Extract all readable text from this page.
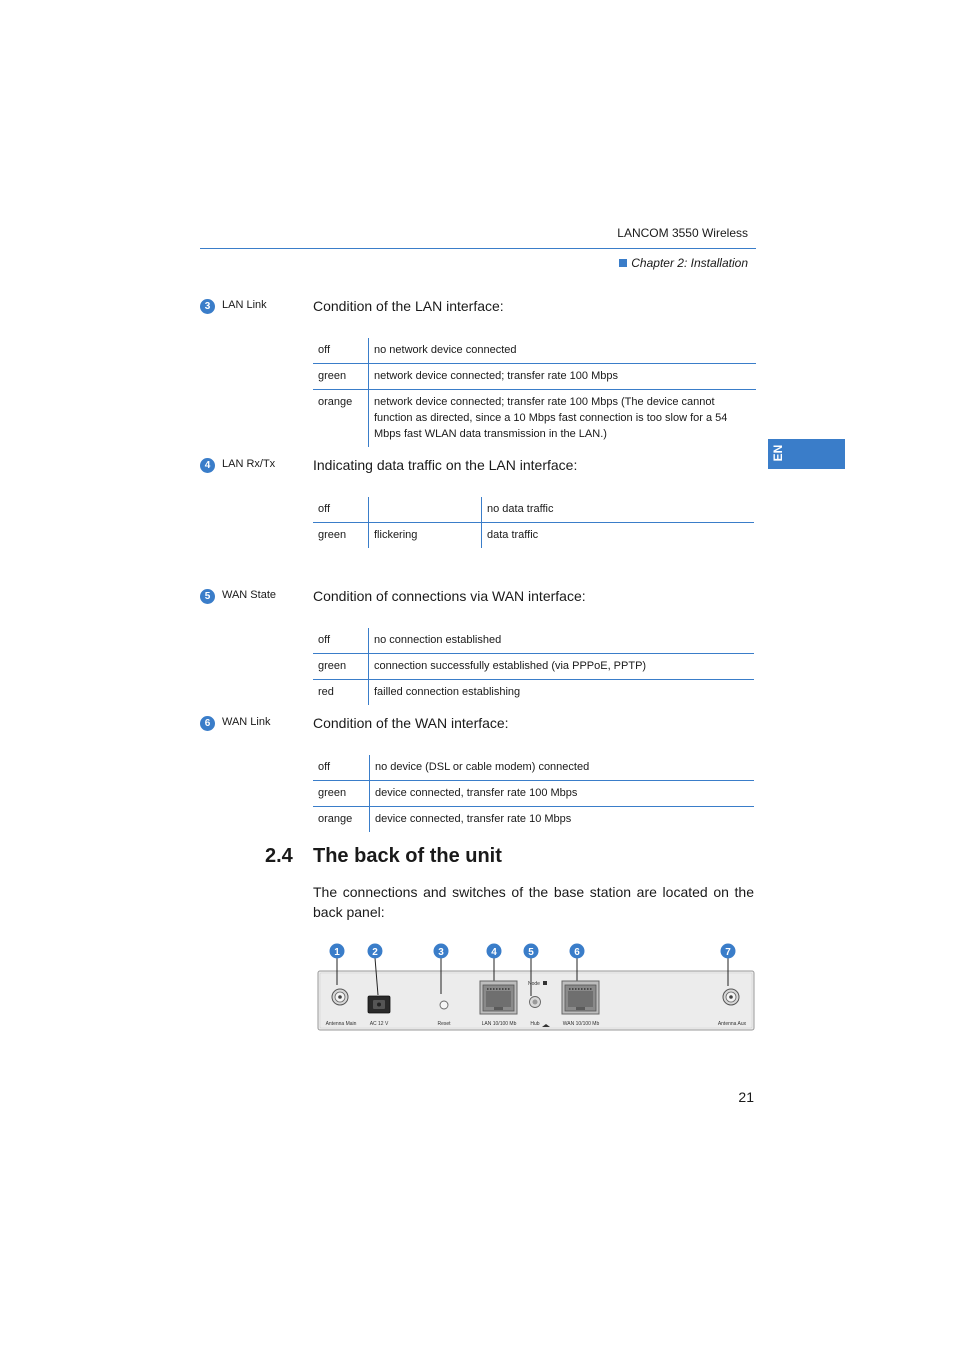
LANCOM 3550 Wireless
Chapter 2: Installation
EN
3	LAN Link	Condition of the LAN interface:
off	no network device connected
green	network device connected; transfer rate 100 Mbps
orange	network device connected; transfer rate 100 Mbps (The device cannot function as directed, since a 10 Mbps fast connection is too slow for a 54 Mbps fast WLAN data transmission in the LAN.)
4	LAN Rx/Tx	Indicating data traffic on the LAN interface:
off		no data traffic
green	flickering	data traffic
5	WAN State	Condition of connections via WAN interface:
off	no connection established
green	connection successfully established (via PPPoE, PPTP)
red	failled connection establishing
6	WAN Link	Condition of the WAN interface:
off	no device (DSL or cable modem) connected
green	device connected, transfer rate 100 Mbps
orange	device connected, transfer rate 10 Mbps
2.4 The back of the unit
The connections and switches of the base station are located on the back panel:
1	2	3	4	5	6	7
Node
Antenna Main	AC 12 V	Reset	LAN 10/100 Mb	Hub	WAN 10/100 Mb	Antenna Aux
21
